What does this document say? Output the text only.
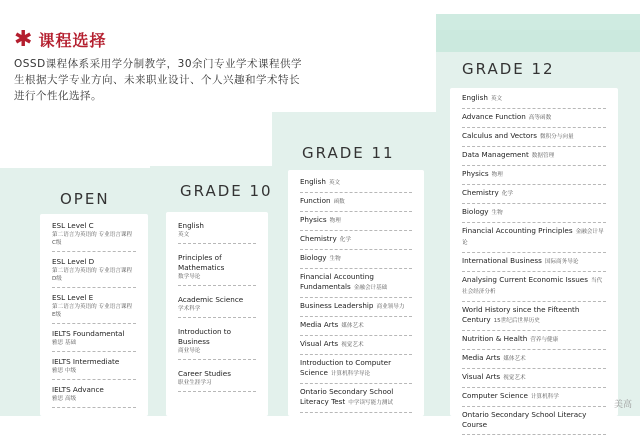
✱ 课程选择
OSSD课程体系采用学分制教学，30余门专业学术课程供学生根据大学专业方向、未来职业设计、个人兴趣和学术特长进行个性化选择。
OPEN
ESL Level C
第二语言为英语的 专业语言课程 C级
ESL Level D
第二语言为英语的 专业语言课程 D级
ESL Level E
第二语言为英语的 专业语言课程 E级
IELTS Foundamental
雅思 基础
IELTS Intermediate
雅思 中级
IELTS Advance
雅思 高级
GRADE 10
English
英文
Principles of Mathematics
数学导论
Academic Science
学术科学
Introduction to Business
商业导论
Career Studies
职业生涯学习
GRADE 11
English 英文
Function 函数
Physics 物理
Chemistry 化学
Biology 生物
Financial Accounting Fundamentals 金融会计基础
Business Leadership 商业领导力
Media Arts 媒体艺术
Visual Arts 视觉艺术
Introduction to Computer Science 计算机科学导论
Ontario Secondary School Literacy Test 中学读写能力测试
GRADE 12
English 英文
Advance Function 高等函数
Calculus and Vectors 微积分与向量
Data Management 数据管理
Physics 物理
Chemistry 化学
Biology 生物
Financial Accounting Principles 金融会计导论
International Business 国际商务导论
Analysing Current Economic Issues 当代社会经济分析
World History since the Fifteenth Century 15世纪后世界历史
Nutrition & Health 营养与健康
Media Arts 媒体艺术
Visual Arts 视觉艺术
Computer Science 计算机科学
Ontario Secondary School Literacy Course
美高
